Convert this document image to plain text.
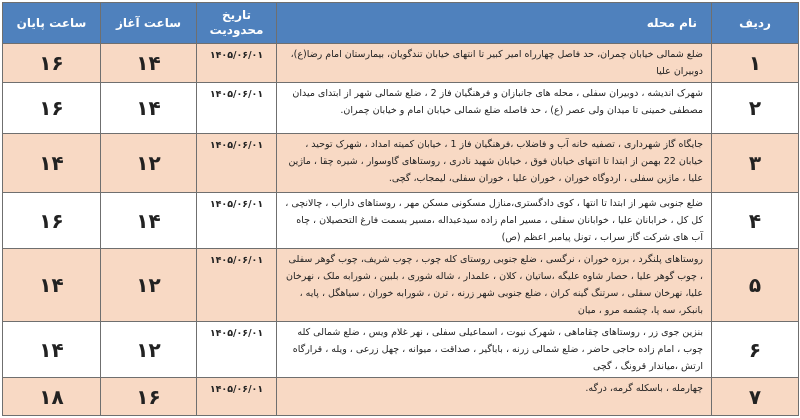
ردیف	نام محله	تاریخ محدودیت	ساعت آغاز	ساعت پایان
۱	ضلع شمالی خیابان چمران، حد فاصل چهارراه امیر کبیر تا انتهای خیابان تندگویان، بیمارستان امام رضا(ع)، دوبیران علیا	۱۴۰۵/۰۶/۰۱	۱۴	۱۶
۲	شهرک اندیشه ، دوبیران سفلی ، محله های جانبازان و فرهنگیان فاز 2 ، ضلع شمالی شهر از ابتدای میدان مصطفی خمینی تا میدان ولی عصر (ع) ، حد فاصله ضلع شمالی خیابان امام و خیابان چمران.	۱۴۰۵/۰۶/۰۱	۱۴	۱۶
۳	جایگاه گاز شهرداری ، تصفیه خانه آب و فاضلاب ،فرهنگیان فاز 1 ، خیابان کمیته امداد ، شهرک توحید ، خیابان 22 بهمن از ابتدا تا انتهای خیابان فوق ، خیابان شهید نادری ، روستاهای گاوسوار ، شیره چقا ، ماژین علیا ، ماژین سفلی ، اردوگاه خوران ، خوران علیا ، خوران سفلی، لیمجاب، گچی.	۱۴۰۵/۰۶/۰۱	۱۲	۱۴
۴	ضلع جنوبی شهر از ابتدا تا انتها ، کوی دادگستری،منازل مسکونی مسکن مهر ، روستاهای داراب ، چالانچی ، کل کل ، خرابانان علیا ، خوابانان سفلی ، مسیر امام زاده سیدعبداله ،مسیر بسمت فارغ التحصیلان ، چاه آب های شرکت گاز سراب ، تونل پیامبر اعظم (ص)	۱۴۰۵/۰۶/۰۱	۱۴	۱۶
۵	روستاهای پلنگرد ، برزه خوران ، نرگسی ، ضلع جنوبی روستای کله چوب ، چوب شریف، چوب گوهر سفلی ، چوب گوهر علیا ، حصار شاوه علیگه ،ساتیان ، کلان ، علمدار ، شاله شوری ، بلبین ، شورابه ملک ، نهرخان علیا، نهرخان سفلی ، سرتنگ گینه کران ، ضلع جنوبی شهر زرنه ، ترن ، شورابه خوران ، سیاهگل ، پایه ، بانبکر، سه پا، چشمه مرو ، میان	۱۴۰۵/۰۶/۰۱	۱۲	۱۴
۶	بنزین جوی زر ، روستاهای چقاماهی ، شهرک نیوت ، اسماعیلی سفلی ، نهر غلام ویس ، ضلع شمالی کله چوب ، امام زاده حاجی حاضر ، ضلع شمالی زرنه ، باباگیر ، صداقت ، میوانه ، چهل زرعی ، ویله ، قرارگاه ارتش ،میاندار قرونگ ، گچی	۱۴۰۵/۰۶/۰۱	۱۲	۱۴
۷	چهارمله ، باسکله گرمه، درگه.	۱۴۰۵/۰۶/۰۱	۱۶	۱۸
